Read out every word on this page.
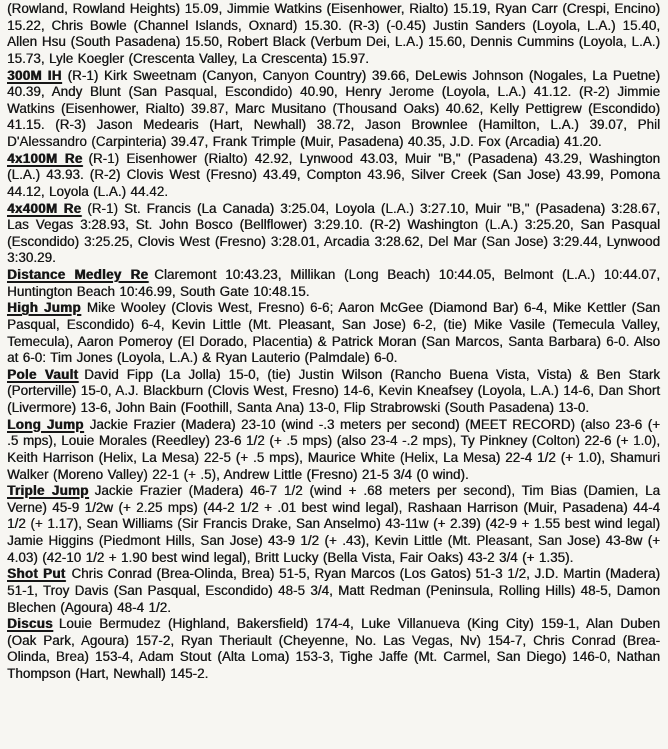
(Rowland, Rowland Heights) 15.09, Jimmie Watkins (Eisenhower, Rialto) 15.19, Ryan Carr (Crespi, Encino) 15.22, Chris Bowle (Channel Islands, Oxnard) 15.30. (R-3) (-0.45) Justin Sanders (Loyola, L.A.) 15.40, Allen Hsu (South Pasadena) 15.50, Robert Black (Verbum Dei, L.A.) 15.60, Dennis Cummins (Loyola, L.A.) 15.73, Lyle Koegler (Crescenta Valley, La Crescenta) 15.97.

300M IH (R-1) Kirk Sweetnam (Canyon, Canyon Country) 39.66, DeLewis Johnson (Nogales, La Puetne) 40.39, Andy Blunt (San Pasqual, Escondido) 40.90, Henry Jerome (Loyola, L.A.) 41.12. (R-2) Jimmie Watkins (Eisenhower, Rialto) 39.87, Marc Musitano (Thousand Oaks) 40.62, Kelly Pettigrew (Escondido) 41.15. (R-3) Jason Medearis (Hart, Newhall) 38.72, Jason Brownlee (Hamilton, L.A.) 39.07, Phil D'Alessandro (Carpinteria) 39.47, Frank Trimple (Muir, Pasadena) 40.35, J.D. Fox (Arcadia) 41.20.

4x100M Re (R-1) Eisenhower (Rialto) 42.92, Lynwood 43.03, Muir "B," (Pasadena) 43.29, Washington (L.A.) 43.93. (R-2) Clovis West (Fresno) 43.49, Compton 43.96, Silver Creek (San Jose) 43.99, Pomona 44.12, Loyola (L.A.) 44.42.

4x400M Re (R-1) St. Francis (La Canada) 3:25.04, Loyola (L.A.) 3:27.10, Muir "B," (Pasadena) 3:28.67, Las Vegas 3:28.93, St. John Bosco (Bellflower) 3:29.10. (R-2) Washington (L.A.) 3:25.20, San Pasqual (Escondido) 3:25.25, Clovis West (Fresno) 3:28.01, Arcadia 3:28.62, Del Mar (San Jose) 3:29.44, Lynwood 3:30.29.

Distance Medley Re Claremont 10:43.23, Millikan (Long Beach) 10:44.05, Belmont (L.A.) 10:44.07, Huntington Beach 10:46.99, South Gate 10:48.15.

High Jump Mike Wooley (Clovis West, Fresno) 6-6; Aaron McGee (Diamond Bar) 6-4, Mike Kettler (San Pasqual, Escondido) 6-4, Kevin Little (Mt. Pleasant, San Jose) 6-2, (tie) Mike Vasile (Temecula Valley, Temecula), Aaron Pomeroy (El Dorado, Placentia) & Patrick Moran (San Marcos, Santa Barbara) 6-0. Also at 6-0: Tim Jones (Loyola, L.A.) & Ryan Lauterio (Palmdale) 6-0.

Pole Vault David Fipp (La Jolla) 15-0, (tie) Justin Wilson (Rancho Buena Vista, Vista) & Ben Stark (Porterville) 15-0, A.J. Blackburn (Clovis West, Fresno) 14-6, Kevin Kneafsey (Loyola, L.A.) 14-6, Dan Short (Livermore) 13-6, John Bain (Foothill, Santa Ana) 13-0, Flip Strabrowski (South Pasadena) 13-0.

Long Jump Jackie Frazier (Madera) 23-10 (wind -.3 meters per second) (MEET RECORD) (also 23-6 (+ .5 mps), Louie Morales (Reedley) 23-6 1/2 (+ .5 mps) (also 23-4 -.2 mps), Ty Pinkney (Colton) 22-6 (+ 1.0), Keith Harrison (Helix, La Mesa) 22-5 (+ .5 mps), Maurice White (Helix, La Mesa) 22-4 1/2 (+ 1.0), Shamuri Walker (Moreno Valley) 22-1 (+ .5), Andrew Little (Fresno) 21-5 3/4 (0 wind).

Triple Jump Jackie Frazier (Madera) 46-7 1/2 (wind + .68 meters per second), Tim Bias (Damien, La Verne) 45-9 1/2w (+ 2.25 mps) (44-2 1/2 + .01 best wind legal), Rashaan Harrison (Muir, Pasadena) 44-4 1/2 (+ 1.17), Sean Williams (Sir Francis Drake, San Anselmo) 43-11w (+ 2.39) (42-9 + 1.55 best wind legal) Jamie Higgins (Piedmont Hills, San Jose) 43-9 1/2 (+ .43), Kevin Little (Mt. Pleasant, San Jose) 43-8w (+ 4.03) (42-10 1/2 + 1.90 best wind legal), Britt Lucky (Bella Vista, Fair Oaks) 43-2 3/4 (+ 1.35).

Shot Put Chris Conrad (Brea-Olinda, Brea) 51-5, Ryan Marcos (Los Gatos) 51-3 1/2, J.D. Martin (Madera) 51-1, Troy Davis (San Pasqual, Escondido) 48-5 3/4, Matt Redman (Peninsula, Rolling Hills) 48-5, Damon Blechen (Agoura) 48-4 1/2.

Discus Louie Bermudez (Highland, Bakersfield) 174-4, Luke Villanueva (King City) 159-1, Alan Duben (Oak Park, Agoura) 157-2, Ryan Theriault (Cheyenne, No. Las Vegas, Nv) 154-7, Chris Conrad (Brea-Olinda, Brea) 153-4, Adam Stout (Alta Loma) 153-3, Tighe Jaffe (Mt. Carmel, San Diego) 146-0, Nathan Thompson (Hart, Newhall) 145-2.
